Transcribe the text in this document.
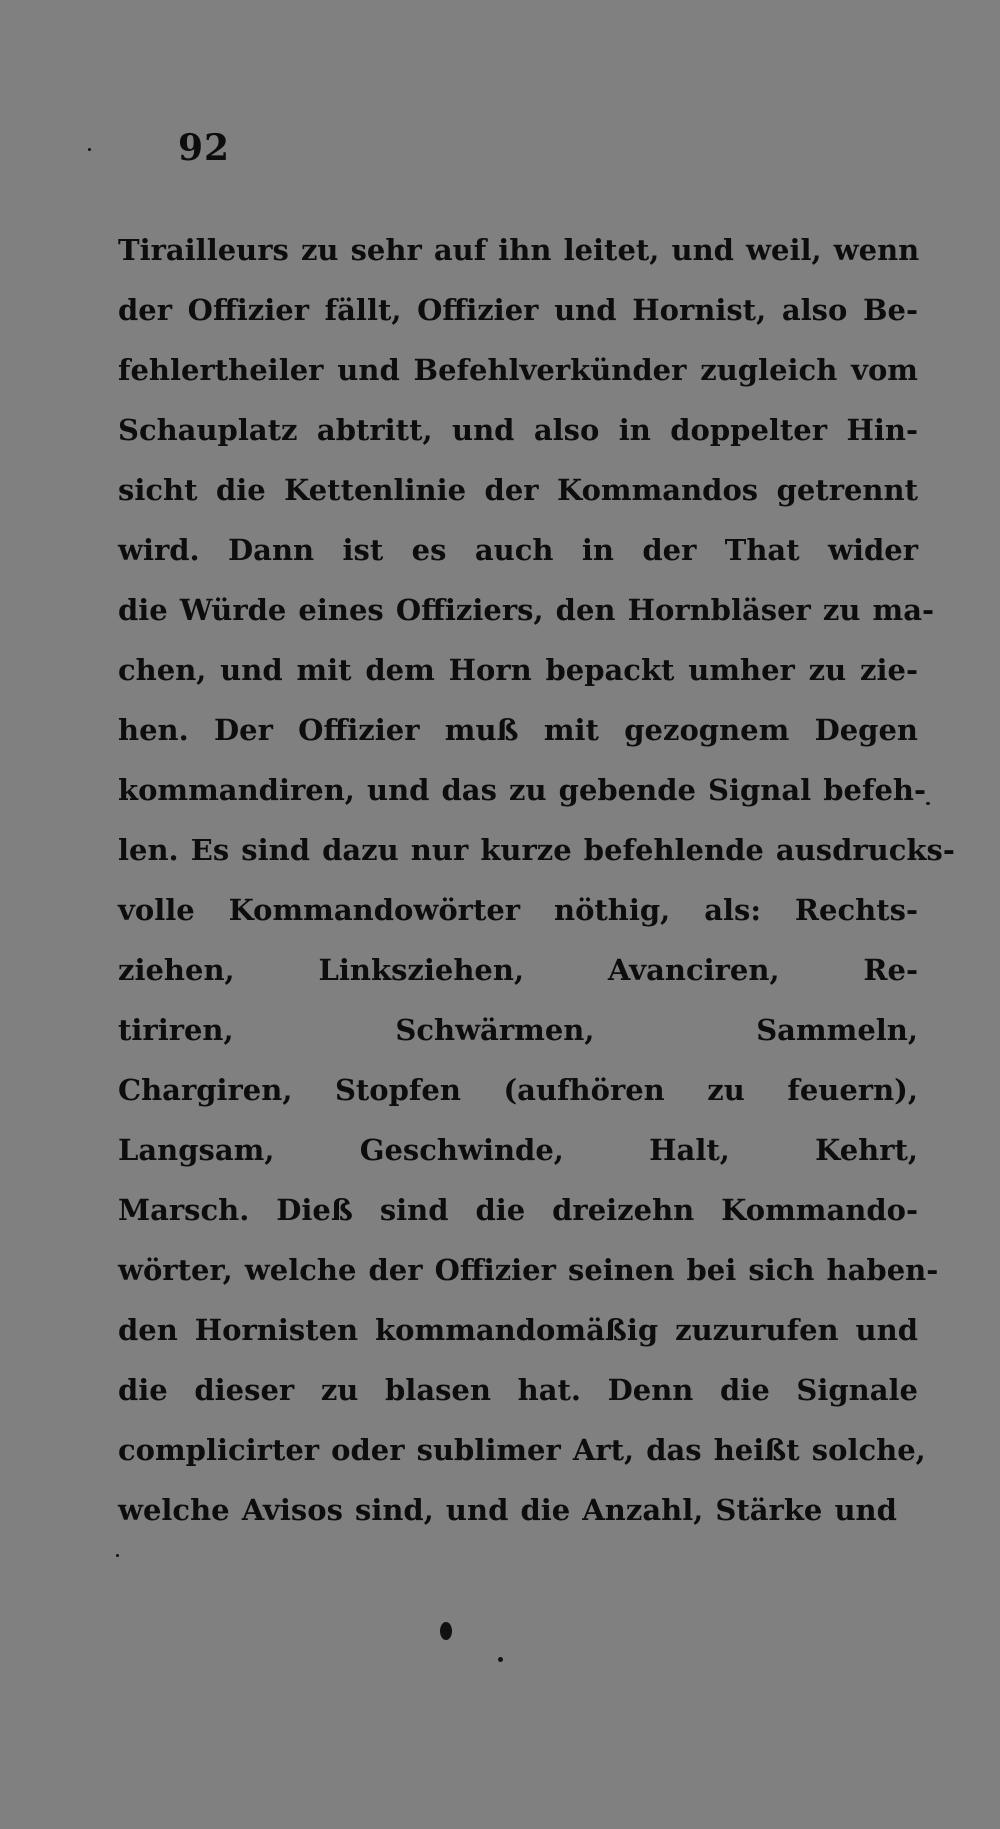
92
Tirailleurs zu sehr auf ihn leitet, und weil, wenn
der Offizier fällt, Offizier und Hornist, also Be-
fehlertheiler und Befehlverkünder zugleich vom
Schauplatz abtritt, und also in doppelter Hin-
sicht die Kettenlinie der Kommandos getrennt
wird. Dann ist es auch in der That wider
die Würde eines Offiziers, den Hornbläser zu ma-
chen, und mit dem Horn bepackt umher zu zie-
hen. Der Offizier muß mit gezognem Degen
kommandiren, und das zu gebende Signal befeh-
len. Es sind dazu nur kurze befehlende ausdrucks-
volle Kommandowörter nöthig, als: Rechts-
ziehen, Linksziehen, Avanciren, Re-
tiriren, Schwärmen, Sammeln,
Chargiren, Stopfen (aufhören zu feuern),
Langsam, Geschwinde, Halt, Kehrt,
Marsch. Dieß sind die dreizehn Kommando-
wörter, welche der Offizier seinen bei sich haben-
den Hornisten kommandomäßig zuzurufen und
die dieser zu blasen hat. Denn die Signale
complicirter oder sublimer Art, das heißt solche,
welche Avisos sind, und die Anzahl, Stärke und
